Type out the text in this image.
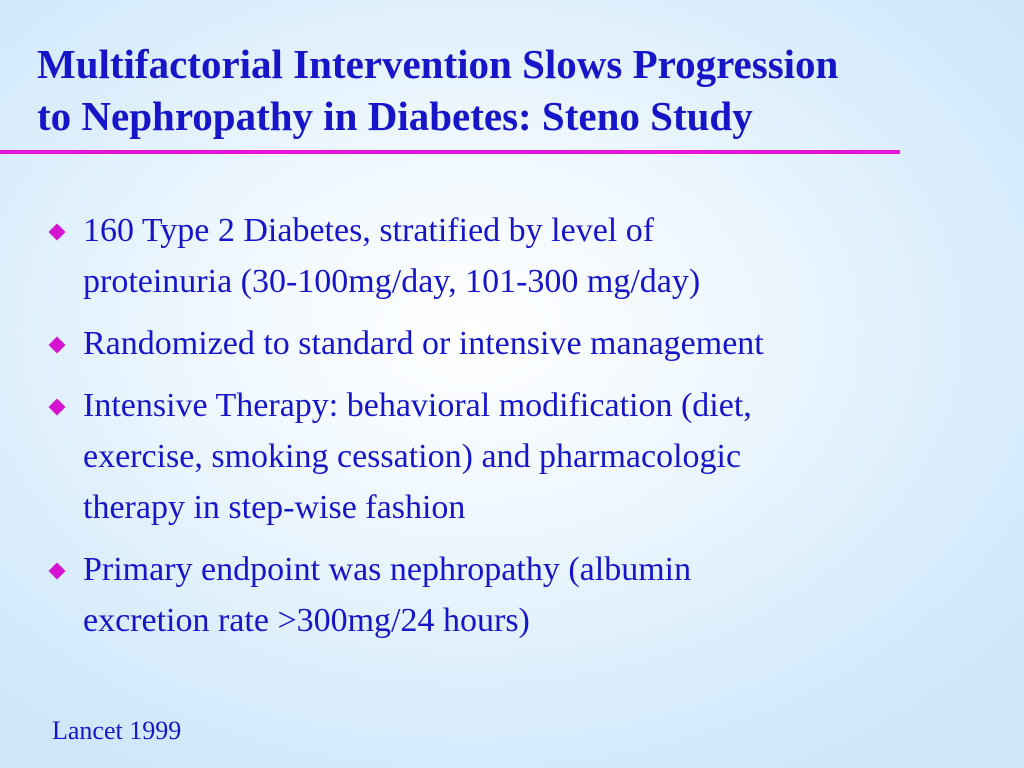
Multifactorial Intervention Slows Progression
to Nephropathy in Diabetes: Steno Study
160 Type 2 Diabetes, stratified by level of
proteinuria (30-100mg/day, 101-300 mg/day)
Randomized to standard or intensive management
Intensive Therapy: behavioral modification (diet,
exercise, smoking cessation) and pharmacologic
therapy in step-wise fashion
Primary endpoint was nephropathy (albumin
excretion rate >300mg/24 hours)
Lancet 1999
